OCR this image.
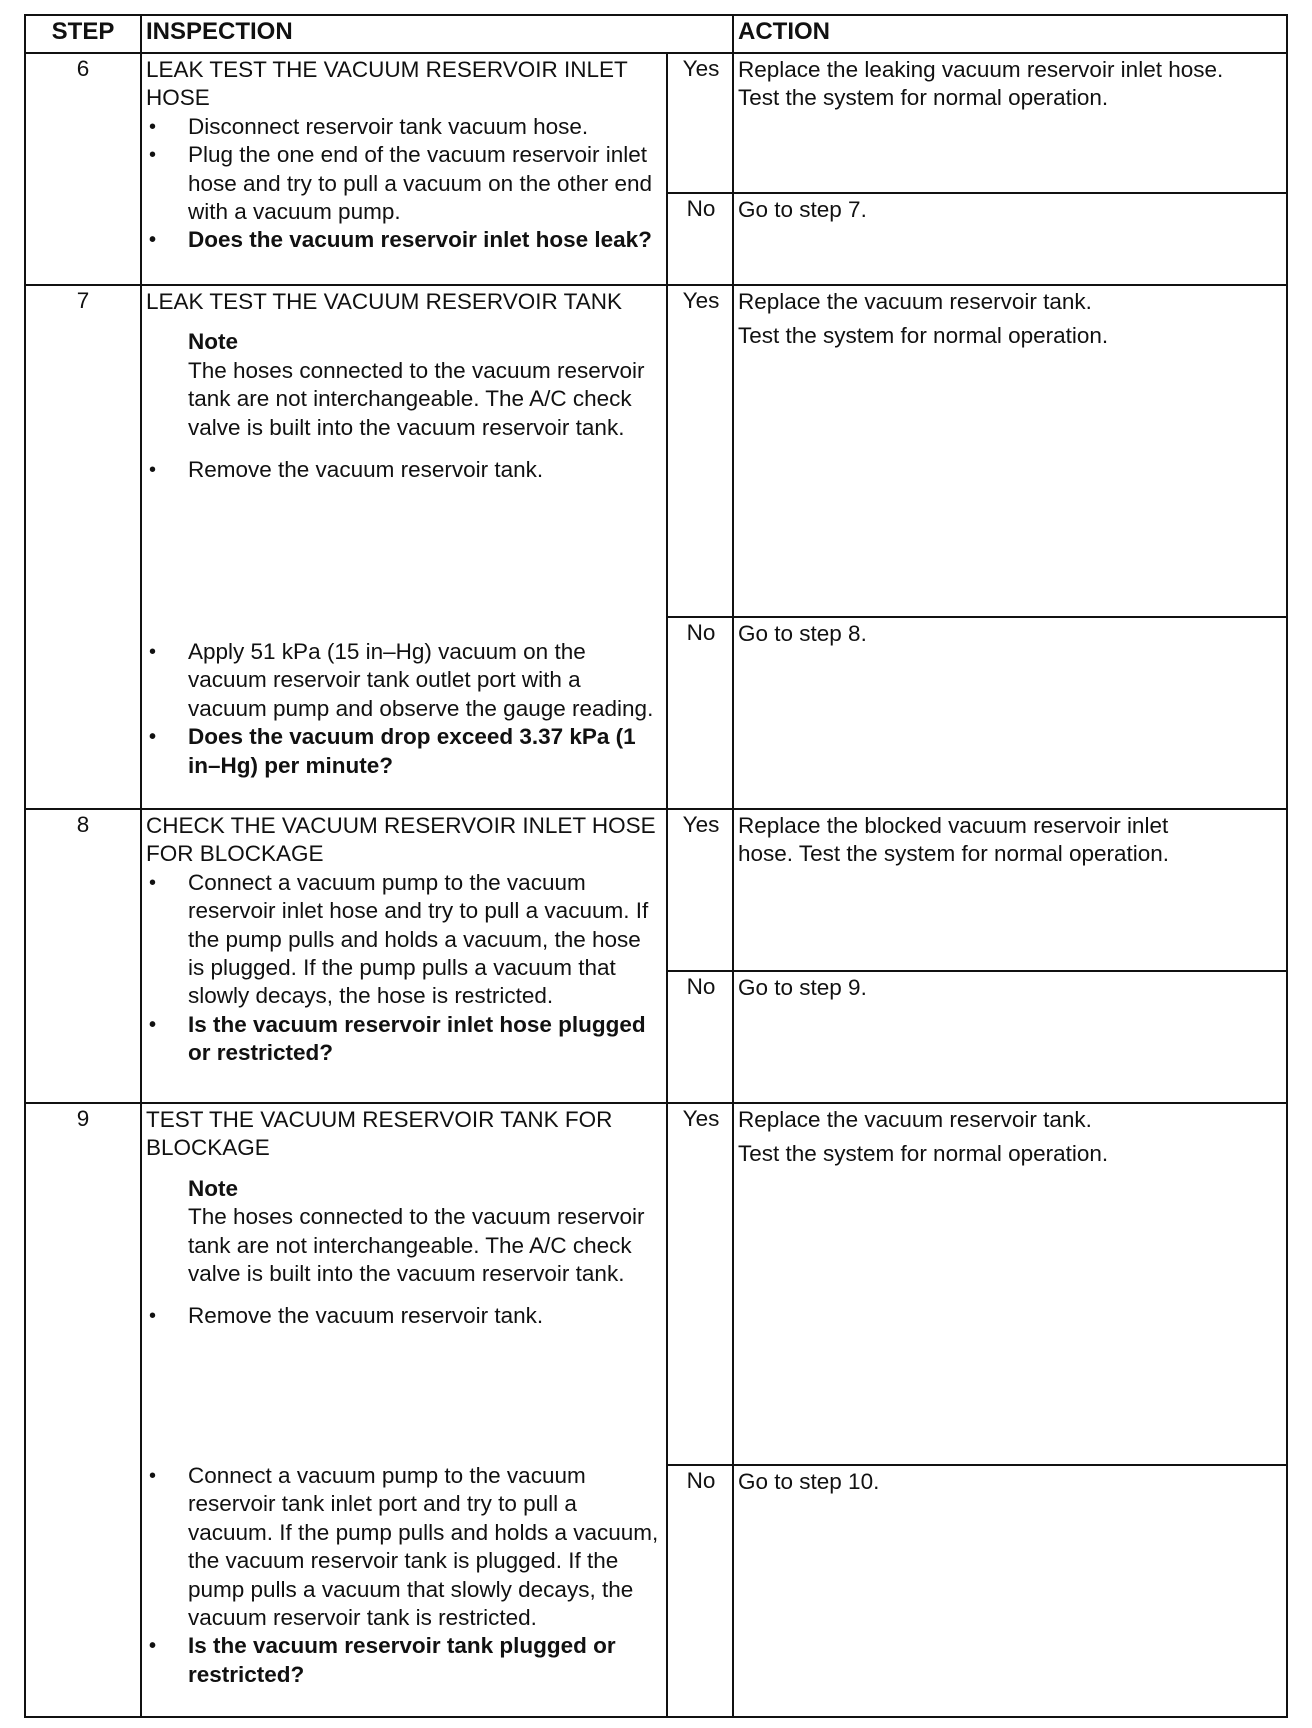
STEP	INSPECTION	ACTION
6	LEAK TEST THE VACUUM RESERVOIR INLET HOSE
• Disconnect reservoir tank vacuum hose.
• Plug the one end of the vacuum reservoir inlet hose and try to pull a vacuum on the other end with a vacuum pump.
• Does the vacuum reservoir inlet hose leak?
Yes Replace the leaking vacuum reservoir inlet hose. Test the system for normal operation.

No	Go to step 7.
7	LEAK TEST THE VACUUM RESERVOIR TANK
Note
The hoses connected to the vacuum reservoir tank are not interchangeable. The A/C check valve is built into the vacuum reservoir tank.
• Remove the vacuum reservoir tank.
• Apply 51 kPa (15 in–Hg) vacuum on the vacuum reservoir tank outlet port with a vacuum pump and observe the gauge reading.
• Does the vacuum drop exceed 3.37 kPa (1 in–Hg) per minute?
Yes Replace the vacuum reservoir tank.

Test the system for normal operation.

No	Go to step 8.
8	CHECK THE VACUUM RESERVOIR INLET HOSE FOR BLOCKAGE
• Connect a vacuum pump to the vacuum reservoir inlet hose and try to pull a vacuum. If the pump pulls and holds a vacuum, the hose is plugged. If the pump pulls a vacuum that slowly decays, the hose is restricted.
• Is the vacuum reservoir inlet hose plugged or restricted?
Yes Replace the blocked vacuum reservoir inlet hose. Test the system for normal operation.

No	Go to step 9.
9	TEST THE VACUUM RESERVOIR TANK FOR BLOCKAGE
Note
The hoses connected to the vacuum reservoir tank are not interchangeable. The A/C check valve is built into the vacuum reservoir tank.
• Remove the vacuum reservoir tank.
• Connect a vacuum pump to the vacuum reservoir tank inlet port and try to pull a vacuum. If the pump pulls and holds a vacuum, the vacuum reservoir tank is plugged. If the pump pulls a vacuum that slowly decays, the vacuum reservoir tank is restricted.
• Is the vacuum reservoir tank plugged or restricted?
Yes Replace the vacuum reservoir tank.

Test the system for normal operation.

No	Go to step 10.
